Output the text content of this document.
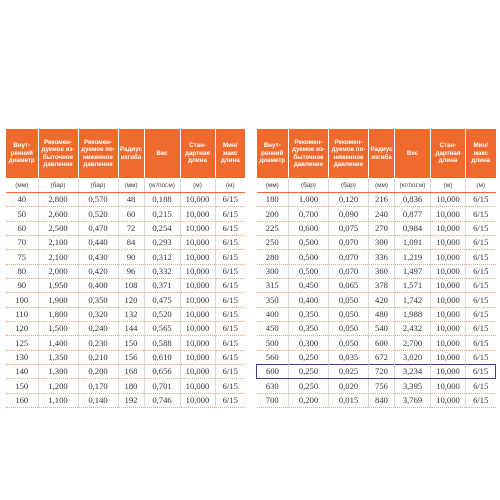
Внут-
ренний
диаметр	Рекомен-
дуемое из-
быточное
давление	Рекомен-
дуемое по-
ниженное
давление	Радиус
изгиба	Вес	Стан-
дартная
длина	Мин/
макс
длина
(мм)	(бар)	(бар)	(мм)	(кг/пог.м)	(м)	(м)
40	2,800	0,570	48	0,188	10,000	6/15
50	2,600	0,520	60	0,215	10,000	6/15
60	2,500	0,470	72	0,254	10,000	6/15
70	2,100	0,440	84	0,293	10,000	6/15
75	2,100	0,430	90	0,312	10,000	6/15
80	2,000	0,420	96	0,332	10,000	6/15
90	1,950	0,400	108	0,371	10,000	6/15
100	1,900	0,350	120	0,475	10,000	6/15
110	1,800	0,320	132	0,520	10,000	6/15
120	1,500	0,240	144	0,565	10,000	6/15
125	1,400	0,230	150	0,588	10,000	6/15
130	1,350	0,210	156	0,610	10,000	6/15
140	1,300	0,200	168	0,656	10,000	6/15
150	1,200	0,170	180	0,701	10,000	6/15
160	1,100	0,140	192	0,746	10,000	6/15
Внут-
ренний
диаметр	Рекомен-
дуемое из-
быточное
давление	Рекомен-
дуемое по-
ниженное
давление	Радиус
изгиба	Вес	Стан-
дартная
длина	Мин/
макс
длина
(мм)	(бар)	(бар)	(мм)	(кг/пог.м)	(м)	(м)
180	1,000	0,120	216	0,836	10,000	6/15
200	0,700	0,090	240	0,877	10,000	6/15
225	0,600	0,075	270	0,984	10,000	6/15
250	0,500	0,070	300	1,091	10,000	6/15
280	0,500	0,070	336	1,219	10,000	6/15
300	0,500	0,070	360	1,497	10,000	6/15
315	0,450	0,065	378	1,571	10,000	6/15
350	0,400	0,050	420	1,742	10,000	6/15
400	0,350	0,050	480	1,988	10,000	6/15
450	0,350	0,050	540	2,432	10,000	6/15
500	0,300	0,050	600	2,700	10,000	6/15
560	0,250	0,035	672	3,020	10,000	6/15
600	0,250	0,025	720	3,234	10,000	6/15
630	0,250	0,020	756	3,395	10,000	6/15
700	0,200	0,015	840	3,769	10,000	6/15
